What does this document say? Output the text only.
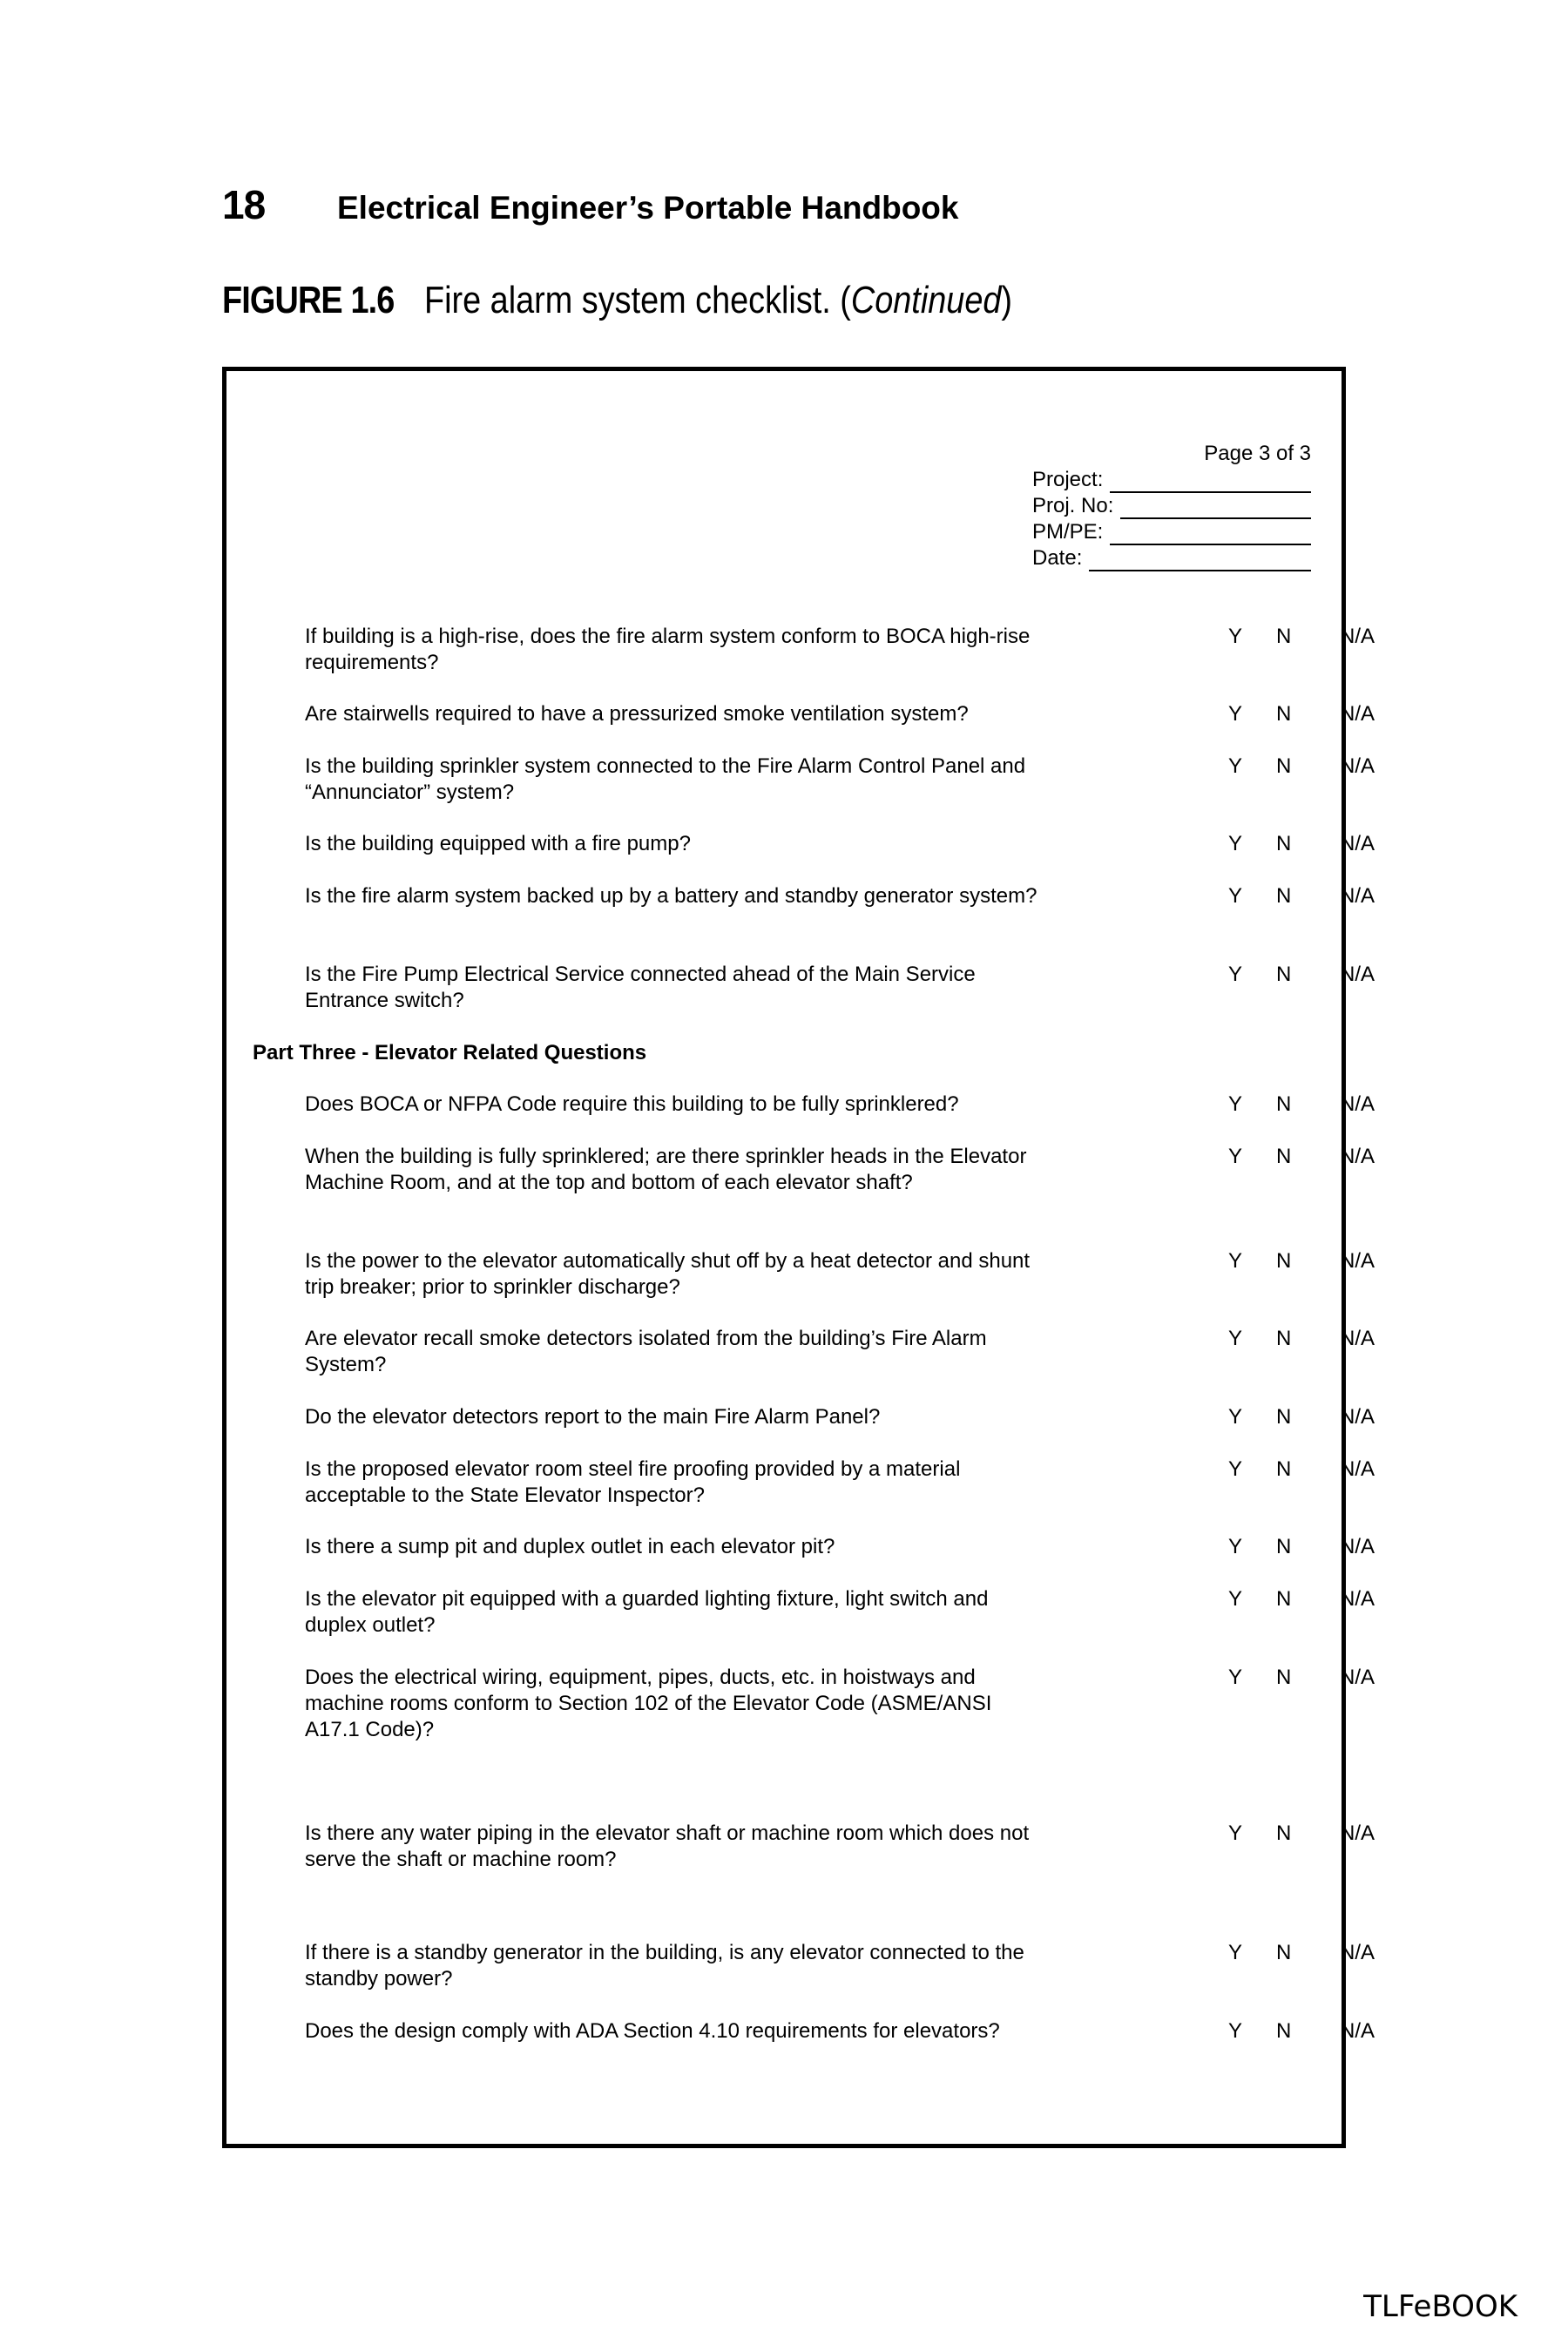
18	Electrical Engineer’s Portable Handbook
FIGURE 1.6 Fire alarm system checklist. (Continued)
Page 3 of 3
Project:
Proj. No:
PM/PE:
Date:
If building is a high-rise, does the fire alarm system conform to BOCA high-rise requirements?
Y N N/A
Are stairwells required to have a pressurized smoke ventilation system?	Y N N/A
Is the building sprinkler system connected to the Fire Alarm Control Panel and “Annunciator” system?
Y N N/A
Is the building equipped with a fire pump?	Y N N/A
Is the fire alarm system backed up by a battery and standby generator system?	Y N N/A
Is the Fire Pump Electrical Service connected ahead of the Main Service Entrance switch?
Y N N/A
Part Three - Elevator Related Questions
Does BOCA or NFPA Code require this building to be fully sprinklered?	Y N N/A
When the building is fully sprinklered; are there sprinkler heads in the Elevator Machine Room, and at the top and bottom of each elevator shaft?
Y N N/A
Is the power to the elevator automatically shut off by a heat detector and shunt trip breaker; prior to sprinkler discharge?
Y N N/A
Are elevator recall smoke detectors isolated from the building’s Fire Alarm System?
Y N N/A
Do the elevator detectors report to the main Fire Alarm Panel?	Y N N/A
Is the proposed elevator room steel fire proofing provided by a material acceptable to the State Elevator Inspector?
Y N N/A
Is there a sump pit and duplex outlet in each elevator pit?	Y N N/A
Is the elevator pit equipped with a guarded lighting fixture, light switch and duplex outlet?
Y N N/A
Does the electrical wiring, equipment, pipes, ducts, etc. in hoistways and machine rooms conform to Section 102 of the Elevator Code (ASME/ANSI A17.1 Code)?
Y N N/A
Is there any water piping in the elevator shaft or machine room which does not serve the shaft or machine room?
Y N N/A
If there is a standby generator in the building, is any elevator connected to the standby power?
Y N N/A
Does the design comply with ADA Section 4.10 requirements for elevators?	Y N N/A
TLFeBOOK
